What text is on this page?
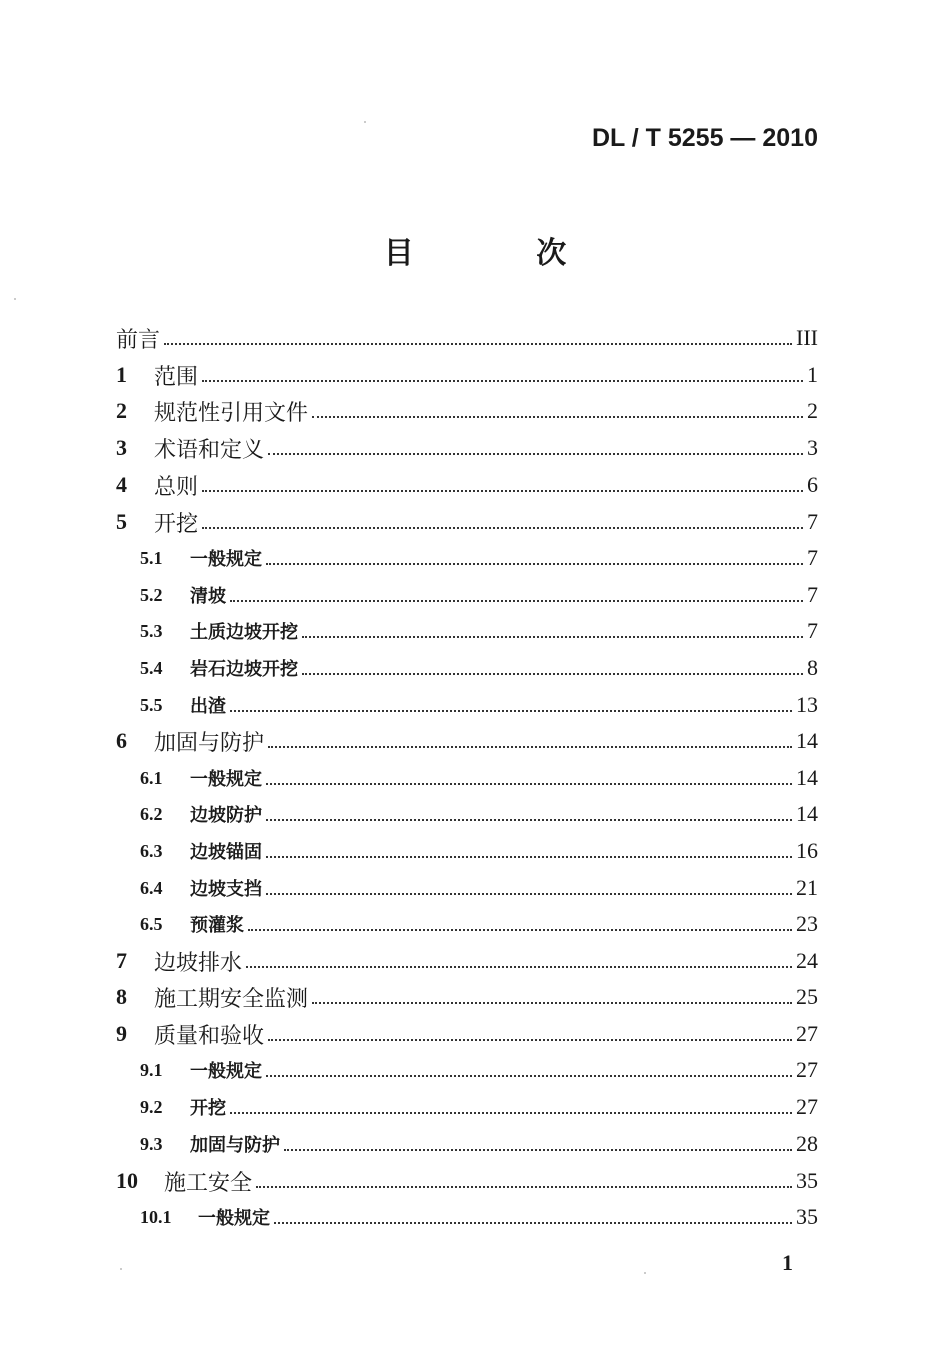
DL / T 5255 — 2010
目 次
前言	III
1	范围	1
2	规范性引用文件	2
3	术语和定义	3
4	总则	6
5	开挖	7
5.1	一般规定	7
5.2	清坡	7
5.3	土质边坡开挖	7
5.4	岩石边坡开挖	8
5.5	出渣	13
6	加固与防护	14
6.1	一般规定	14
6.2	边坡防护	14
6.3	边坡锚固	16
6.4	边坡支挡	21
6.5	预灌浆	23
7	边坡排水	24
8	施工期安全监测	25
9	质量和验收	27
9.1	一般规定	27
9.2	开挖	27
9.3	加固与防护	28
10	施工安全	35
10.1	一般规定	35
1
